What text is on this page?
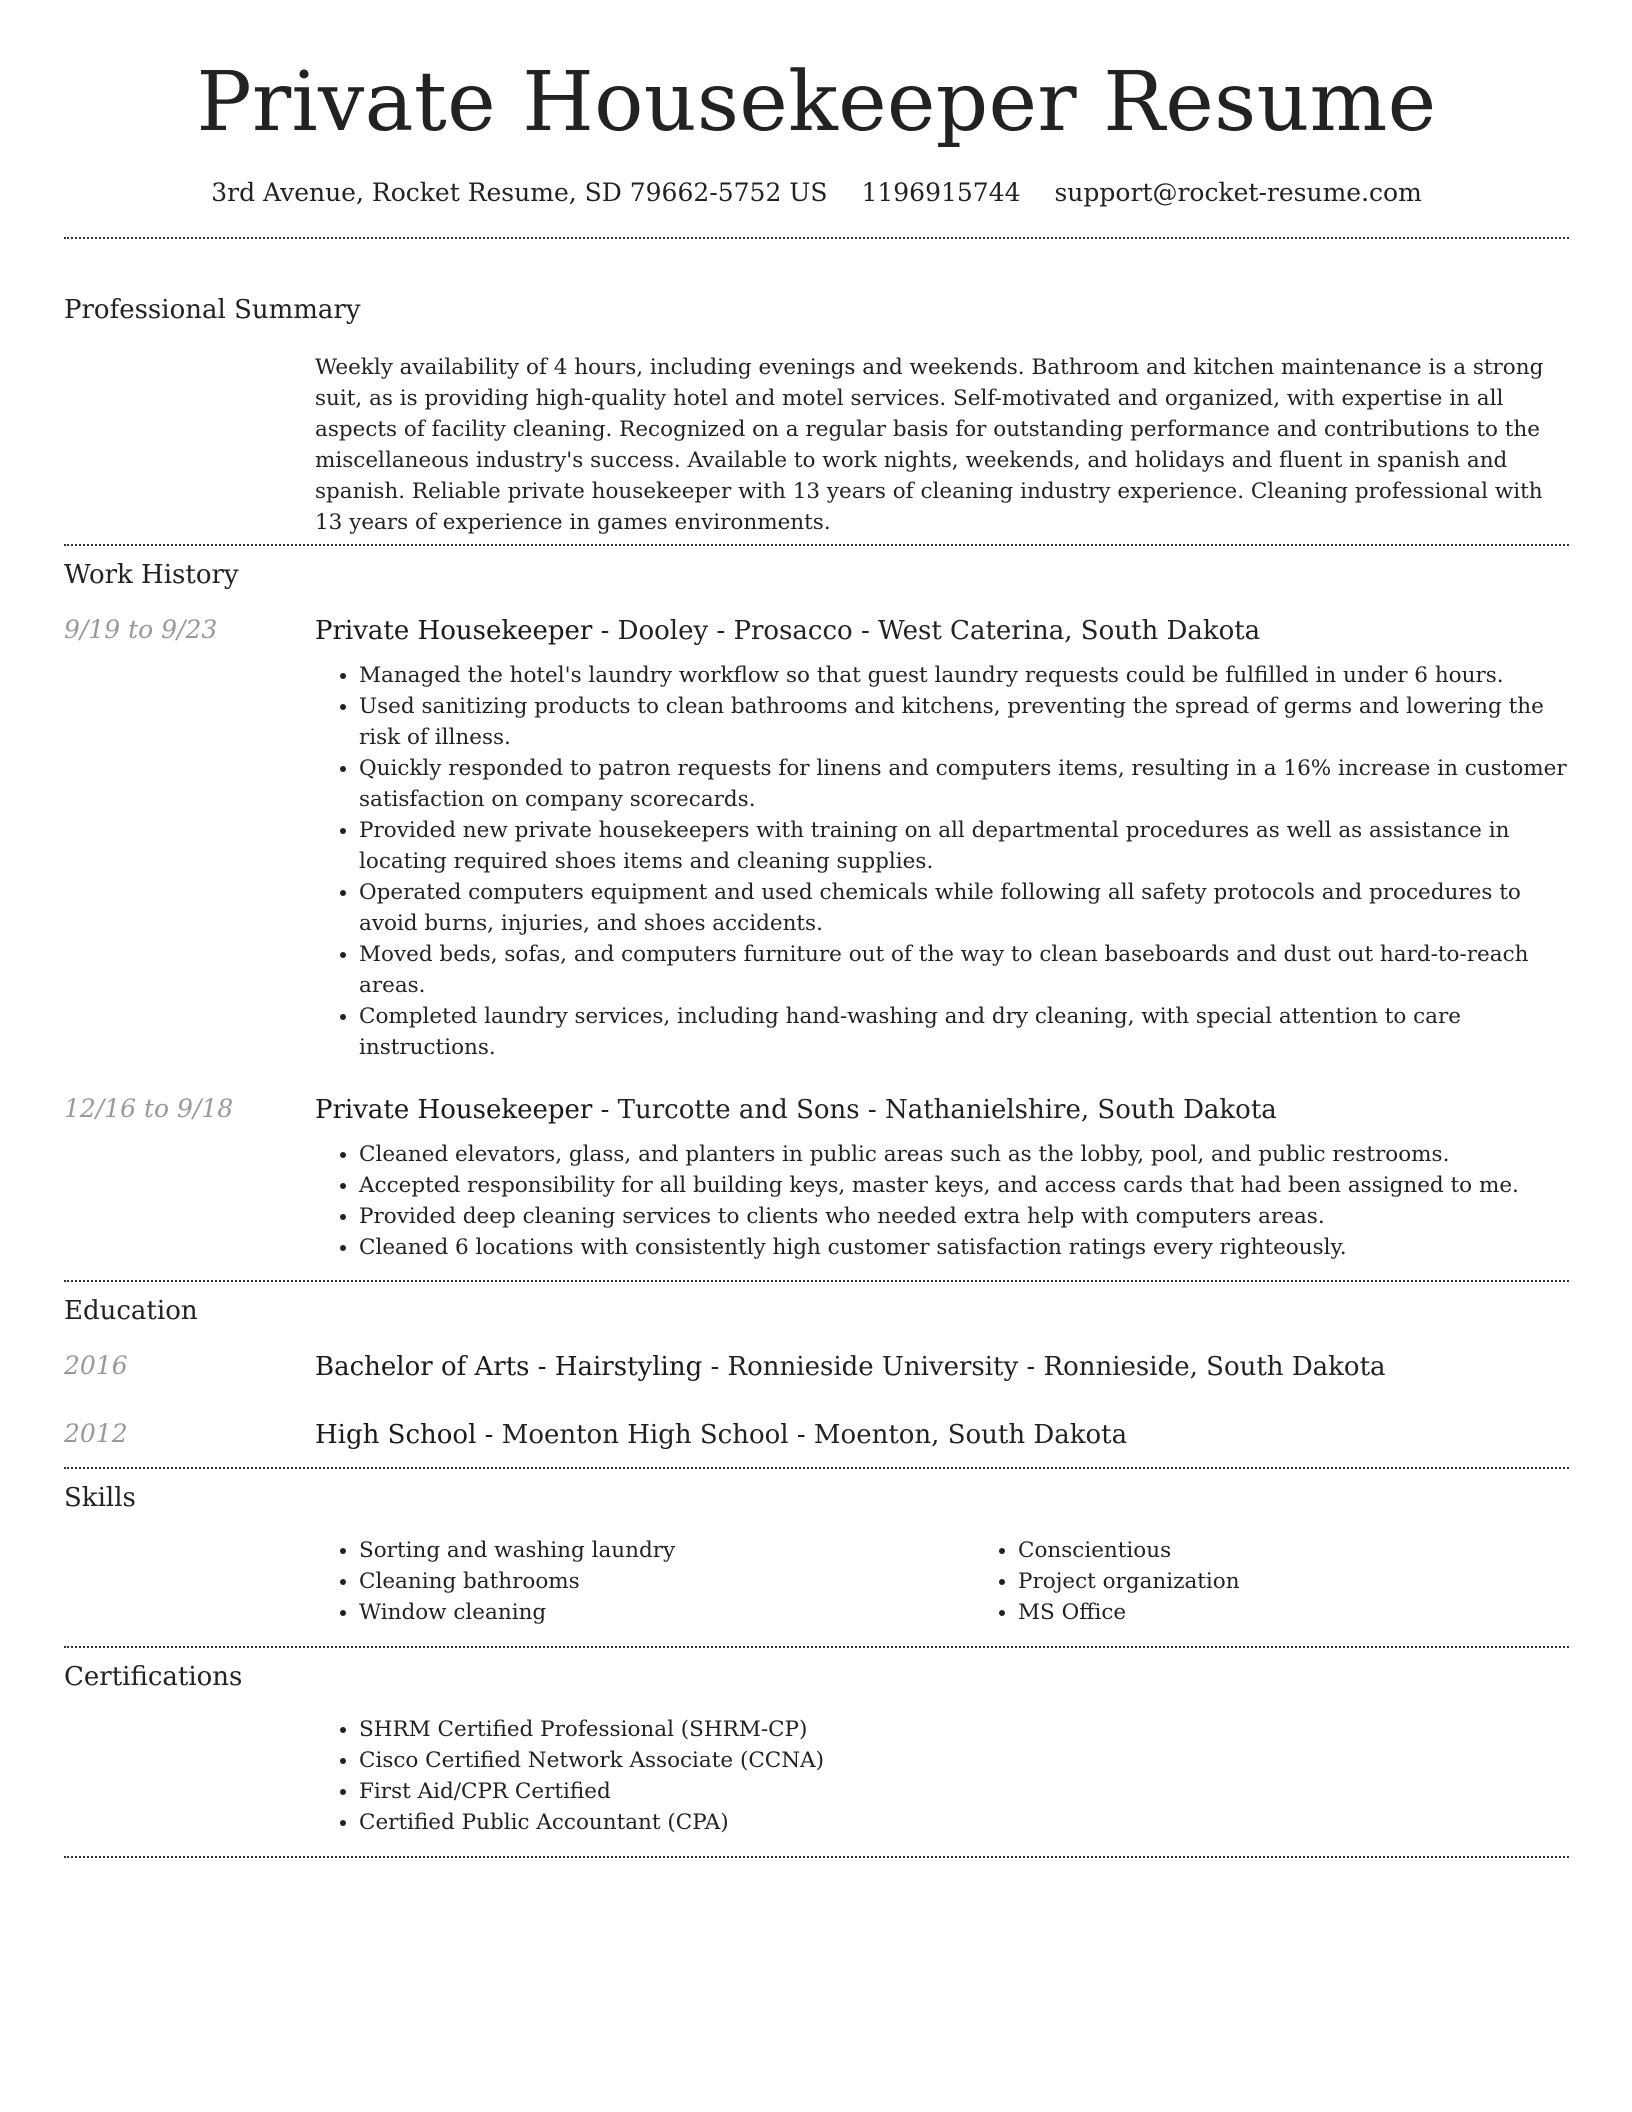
Private Housekeeper Resume
3rd Avenue, Rocket Resume, SD 79662-5752 US 1196915744 support@rocket-resume.com
Professional Summary
Weekly availability of 4 hours, including evenings and weekends. Bathroom and kitchen maintenance is a strong suit, as is providing high-quality hotel and motel services. Self-motivated and organized, with expertise in all aspects of facility cleaning. Recognized on a regular basis for outstanding performance and contributions to the miscellaneous industry's success. Available to work nights, weekends, and holidays and fluent in spanish and spanish. Reliable private housekeeper with 13 years of cleaning industry experience. Cleaning professional with 13 years of experience in games environments.
Work History
9/19 to 9/23	Private Housekeeper - Dooley - Prosacco - West Caterina, South Dakota
• Managed the hotel's laundry workflow so that guest laundry requests could be fulfilled in under 6 hours.
• Used sanitizing products to clean bathrooms and kitchens, preventing the spread of germs and lowering the risk of illness.
• Quickly responded to patron requests for linens and computers items, resulting in a 16% increase in customer satisfaction on company scorecards.
• Provided new private housekeepers with training on all departmental procedures as well as assistance in locating required shoes items and cleaning supplies.
• Operated computers equipment and used chemicals while following all safety protocols and procedures to avoid burns, injuries, and shoes accidents.
• Moved beds, sofas, and computers furniture out of the way to clean baseboards and dust out hard-to-reach areas.
• Completed laundry services, including hand-washing and dry cleaning, with special attention to care instructions.
12/16 to 9/18	Private Housekeeper - Turcotte and Sons - Nathanielshire, South Dakota
• Cleaned elevators, glass, and planters in public areas such as the lobby, pool, and public restrooms.
• Accepted responsibility for all building keys, master keys, and access cards that had been assigned to me.
• Provided deep cleaning services to clients who needed extra help with computers areas.
• Cleaned 6 locations with consistently high customer satisfaction ratings every righteously.
Education
2016	Bachelor of Arts - Hairstyling - Ronnieside University - Ronnieside, South Dakota
2012	High School - Moenton High School - Moenton, South Dakota
Skills
• Sorting and washing laundry
• Cleaning bathrooms
• Window cleaning
• Conscientious
• Project organization
• MS Office
Certifications
• SHRM Certified Professional (SHRM-CP)
• Cisco Certified Network Associate (CCNA)
• First Aid/CPR Certified
• Certified Public Accountant (CPA)
